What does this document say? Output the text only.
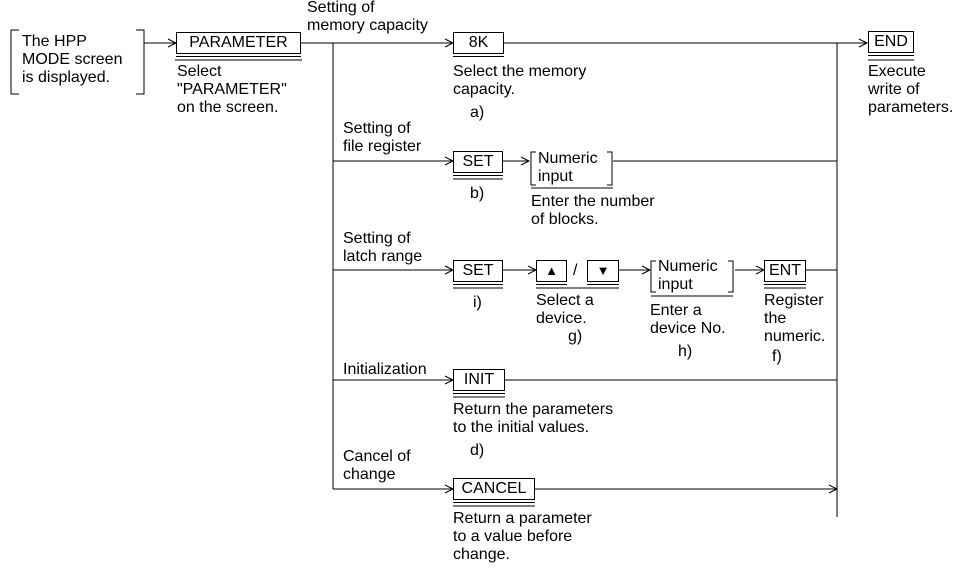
The HPP
MODE screen
is displayed.
PARAMETER
Select
"PARAMETER"
on the screen.
Setting of
memory capacity
8K
Select the memory
capacity.
a)
Setting of
file register
SET
b)
Numeric
input
Enter the number
of blocks.
Setting of
latch range
SET
i)
▲ /	▼
Select a
device.
g)
Numeric
input
Enter a
device No.
h)
ENT
Register
the
numeric.
f)
Initialization
INIT
Return the parameters
to the initial values.
d)
Cancel of
change
CANCEL
Return a parameter
to a value before
change.
END
Execute
write of
parameters.
